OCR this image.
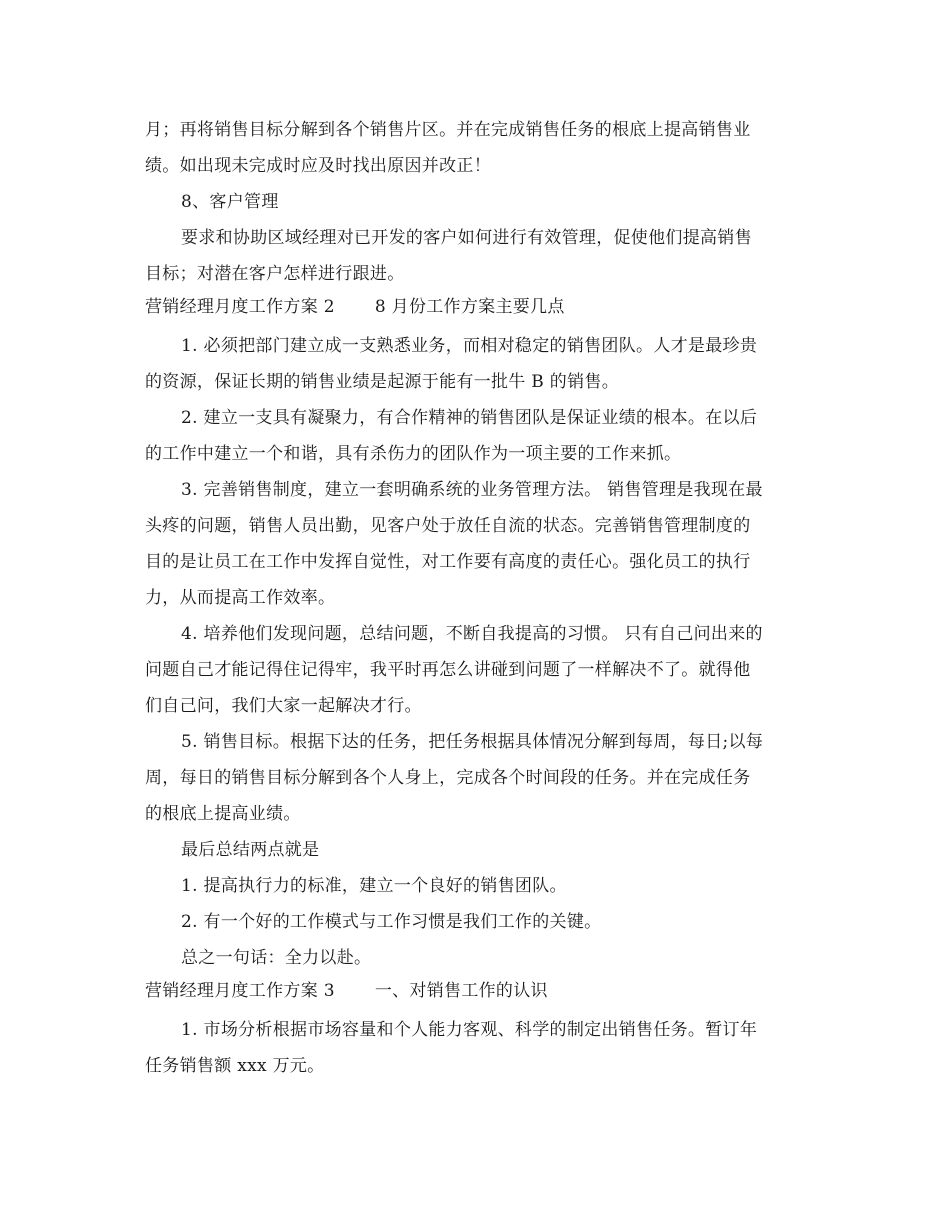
月；再将销售目标分解到各个销售片区。并在完成销售任务的根底上提高销售业
绩。如出现未完成时应及时找出原因并改正！
8、客户管理
要求和协助区域经理对已开发的客户如何进行有效管理，促使他们提高销售
目标；对潜在客户怎样进行跟进。
营销经理月度工作方案 2 8 月份工作方案主要几点
1. 必须把部门建立成一支熟悉业务，而相对稳定的销售团队。人才是最珍贵
的资源，保证长期的销售业绩是起源于能有一批牛 B 的销售。
2. 建立一支具有凝聚力，有合作精神的销售团队是保证业绩的根本。在以后
的工作中建立一个和谐，具有杀伤力的团队作为一项主要的工作来抓。
3. 完善销售制度，建立一套明确系统的业务管理方法。 销售管理是我现在最
头疼的问题，销售人员出勤，见客户处于放任自流的状态。完善销售管理制度的
目的是让员工在工作中发挥自觉性，对工作要有高度的责任心。强化员工的执行
力，从而提高工作效率。
4. 培养他们发现问题，总结问题，不断自我提高的习惯。 只有自己问出来的
问题自己才能记得住记得牢，我平时再怎么讲碰到问题了一样解决不了。就得他
们自己问，我们大家一起解决才行。
5. 销售目标。根据下达的任务，把任务根据具体情况分解到每周，每日;以每
周，每日的销售目标分解到各个人身上，完成各个时间段的任务。并在完成任务
的根底上提高业绩。
最后总结两点就是
1. 提高执行力的标准，建立一个良好的销售团队。
2. 有一个好的工作模式与工作习惯是我们工作的关键。
总之一句话：全力以赴。
营销经理月度工作方案 3 一、对销售工作的认识
1. 市场分析根据市场容量和个人能力客观、科学的制定出销售任务。暂订年
任务销售额 xxx 万元。
